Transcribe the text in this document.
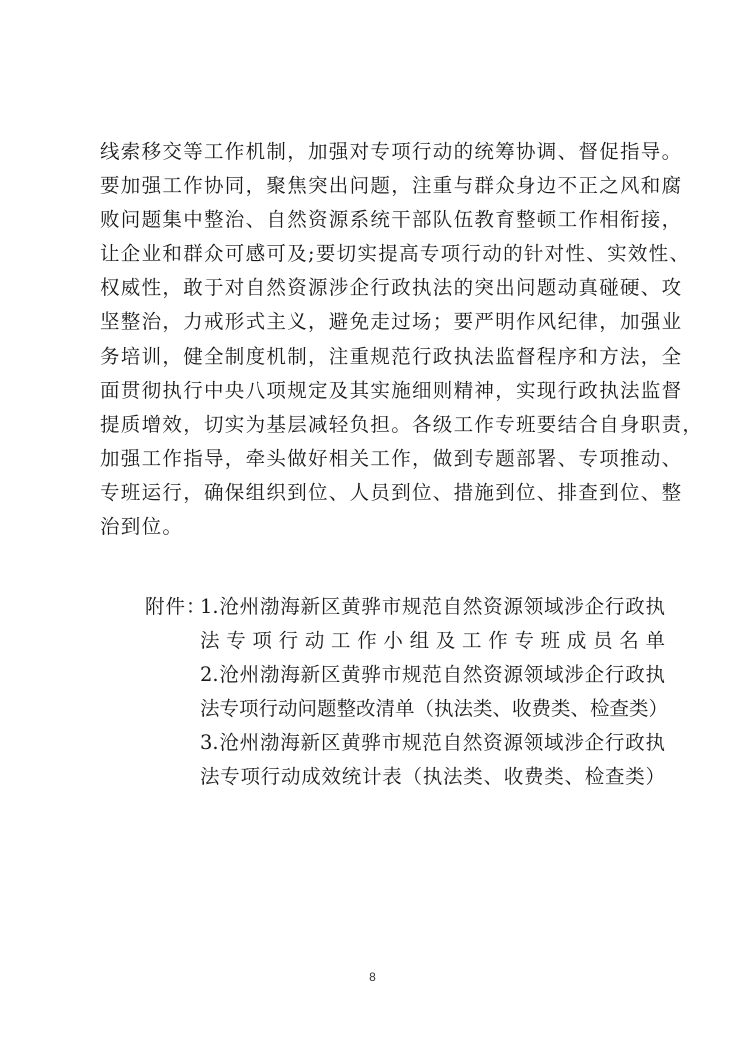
线索移交等工作机制，加强对专项行动的统筹协调、督促指导。
要加强工作协同，聚焦突出问题，注重与群众身边不正之风和腐
败问题集中整治、自然资源系统干部队伍教育整顿工作相衔接，
让企业和群众可感可及;要切实提高专项行动的针对性、实效性、
权威性，敢于对自然资源涉企行政执法的突出问题动真碰硬、攻
坚整治，力戒形式主义，避免走过场；要严明作风纪律，加强业
务培训，健全制度机制，注重规范行政执法监督程序和方法，全
面贯彻执行中央八项规定及其实施细则精神，实现行政执法监督
提质增效，切实为基层减轻负担。各级工作专班要结合自身职责，
加强工作指导，牵头做好相关工作，做到专题部署、专项推动、
专班运行，确保组织到位、人员到位、措施到位、排查到位、整
治到位。
附件：
1.沧州渤海新区黄骅市规范自然资源领域涉企行政执
法专项行动工作小组及工作专班成员名单
2.沧州渤海新区黄骅市规范自然资源领域涉企行政执
法专项行动问题整改清单（执法类、收费类、检查类）
3.沧州渤海新区黄骅市规范自然资源领域涉企行政执
法专项行动成效统计表（执法类、收费类、检查类）
8
